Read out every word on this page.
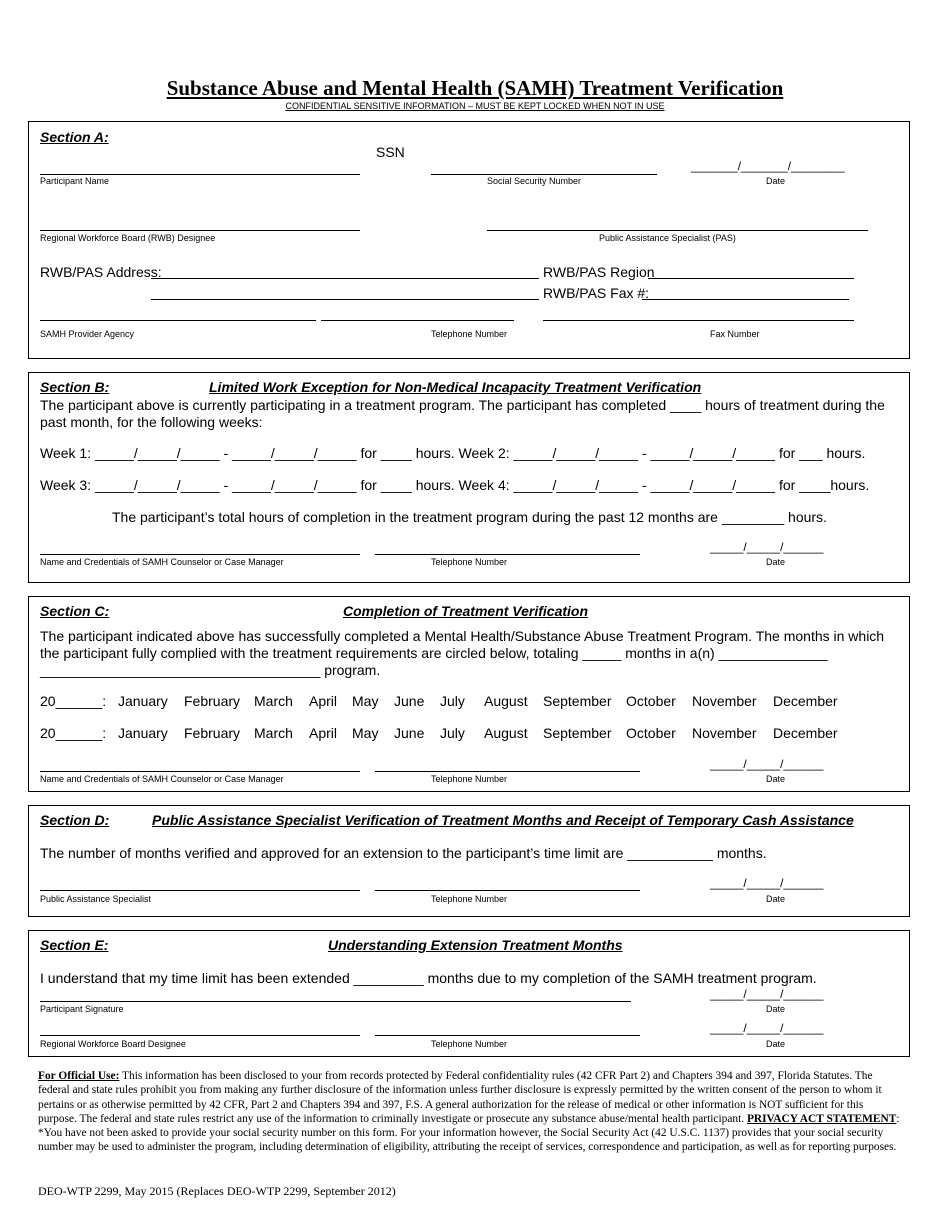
Substance Abuse and Mental Health (SAMH) Treatment Verification
CONFIDENTIAL SENSITIVE INFORMATION – MUST BE KEPT LOCKED WHEN NOT IN USE
Section A:
SSN
_______/_______/________
Participant Name	Social Security Number	Date
Regional Workforce Board (RWB) Designee	Public Assistance Specialist (PAS)
RWB/PAS Address:	RWB/PAS Region
RWB/PAS Fax #:
SAMH Provider Agency	Telephone Number	Fax Number
Section B:	Limited Work Exception for Non-Medical Incapacity Treatment Verification
The participant above is currently participating in a treatment program. The participant has completed ____ hours of treatment during the past month, for the following weeks:
Week 1: _____/_____/_____ - _____/_____/_____ for ____ hours. Week 2: _____/_____/_____ - _____/_____/_____ for ___ hours.
Week 3: _____/_____/_____ - _____/_____/_____ for ____ hours. Week 4: _____/_____/_____ - _____/_____/_____ for ____hours.
The participant’s total hours of completion in the treatment program during the past 12 months are ________ hours.
_____/_____/______
Name and Credentials of SAMH Counselor or Case Manager	Telephone Number	Date
Section C:	Completion of Treatment Verification
The participant indicated above has successfully completed a Mental Health/Substance Abuse Treatment Program. The months in which
the participant fully complied with the treatment requirements are circled below, totaling _____ months in a(n) ______________
____________________________________ program.
20______: January February March April May June July August September October November December
20______: January February March April May June July August September October November December
_____/_____/______
Name and Credentials of SAMH Counselor or Case Manager	Telephone Number	Date
Section D:	Public Assistance Specialist Verification of Treatment Months and Receipt of Temporary Cash Assistance
The number of months verified and approved for an extension to the participant’s time limit are ___________ months.
_____/_____/______
Public Assistance Specialist	Telephone Number	Date
Section E:	Understanding Extension Treatment Months
I understand that my time limit has been extended _________ months due to my completion of the SAMH treatment program.
_____/_____/______
Participant Signature	Date
_____/_____/______
Regional Workforce Board Designee	Telephone Number	Date
For Official Use: This information has been disclosed to your from records protected by Federal confidentiality rules (42 CFR Part 2) and Chapters 394 and 397, Florida Statutes. The federal and state rules prohibit you from making any further disclosure of the information unless further disclosure is expressly permitted by the written consent of the person to whom it pertains or as otherwise permitted by 42 CFR, Part 2 and Chapters 394 and 397, F.S. A general authorization for the release of medical or other information is NOT sufficient for this purpose. The federal and state rules restrict any use of the information to criminally investigate or prosecute any substance abuse/mental health participant. PRIVACY ACT STATEMENT: *You have not been asked to provide your social security number on this form. For your information however, the Social Security Act (42 U.S.C. 1137) provides that your social security number may be used to administer the program, including determination of eligibility, attributing the receipt of services, correspondence and participation, as well as for reporting purposes.
DEO-WTP 2299, May 2015 (Replaces DEO-WTP 2299, September 2012)
